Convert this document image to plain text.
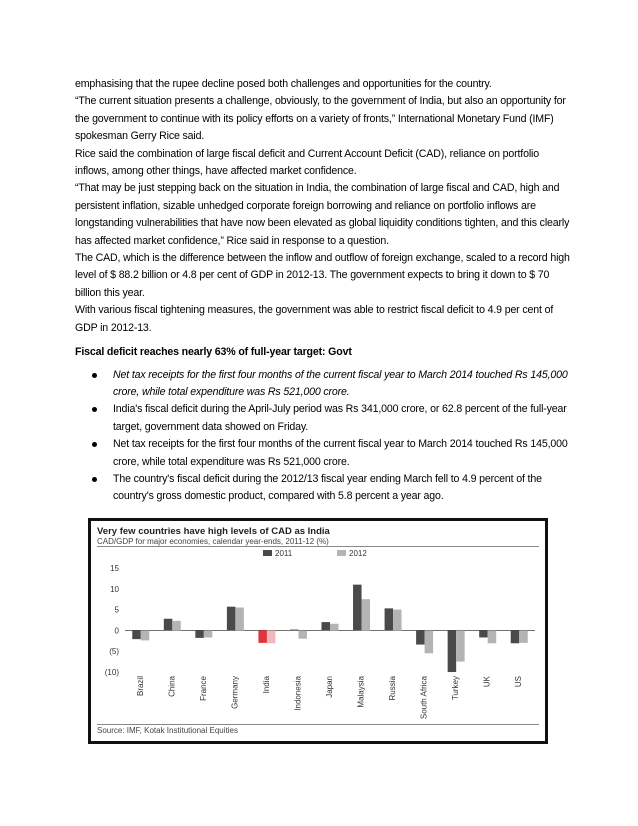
emphasising that the rupee decline posed both challenges and opportunities for the country.

“The current situation presents a challenge, obviously, to the government of India, but also an opportunity for the government to continue with its policy efforts on a variety of fronts,” International Monetary Fund (IMF) spokesman Gerry Rice said.

Rice said the combination of large fiscal deficit and Current Account Deficit (CAD), reliance on portfolio inflows, among other things, have affected market confidence.

“That may be just stepping back on the situation in India, the combination of large fiscal and CAD, high and persistent inflation, sizable unhedged corporate foreign borrowing and reliance on portfolio inflows are longstanding vulnerabilities that have now been elevated as global liquidity conditions tighten, and this clearly has affected market confidence,” Rice said in response to a question.

The CAD, which is the difference between the inflow and outflow of foreign exchange, scaled to a record high level of $ 88.2 billion or 4.8 per cent of GDP in 2012-13. The government expects to bring it down to $ 70 billion this year.

With various fiscal tightening measures, the government was able to restrict fiscal deficit to 4.9 per cent of GDP in 2012-13.

Fiscal deficit reaches nearly 63% of full-year target: Govt

Net tax receipts for the first four months of the current fiscal year to March 2014 touched Rs 145,000 crore, while total expenditure was Rs 521,000 crore.
India's fiscal deficit during the April-July period was Rs 341,000 crore, or 62.8 percent of the full-year target, government data showed on Friday.
Net tax receipts for the first four months of the current fiscal year to March 2014 touched Rs 145,000 crore, while total expenditure was Rs 521,000 crore.
The country's fiscal deficit during the 2012/13 fiscal year ending March fell to 4.9 percent of the country's gross domestic product, compared with 5.8 percent a year ago.
Very few countries have high levels of CAD as India
CAD/GDP for major economies, calendar year-ends, 2011-12 (%)
15
10
5
0
(5)
(10)
2011	2012
Brazil	China	France	Germany	India	Indonesia	Japan	Malaysia	Russia	South Africa	Turkey	UK	US
Source: IMF, Kotak Institutional Equities
